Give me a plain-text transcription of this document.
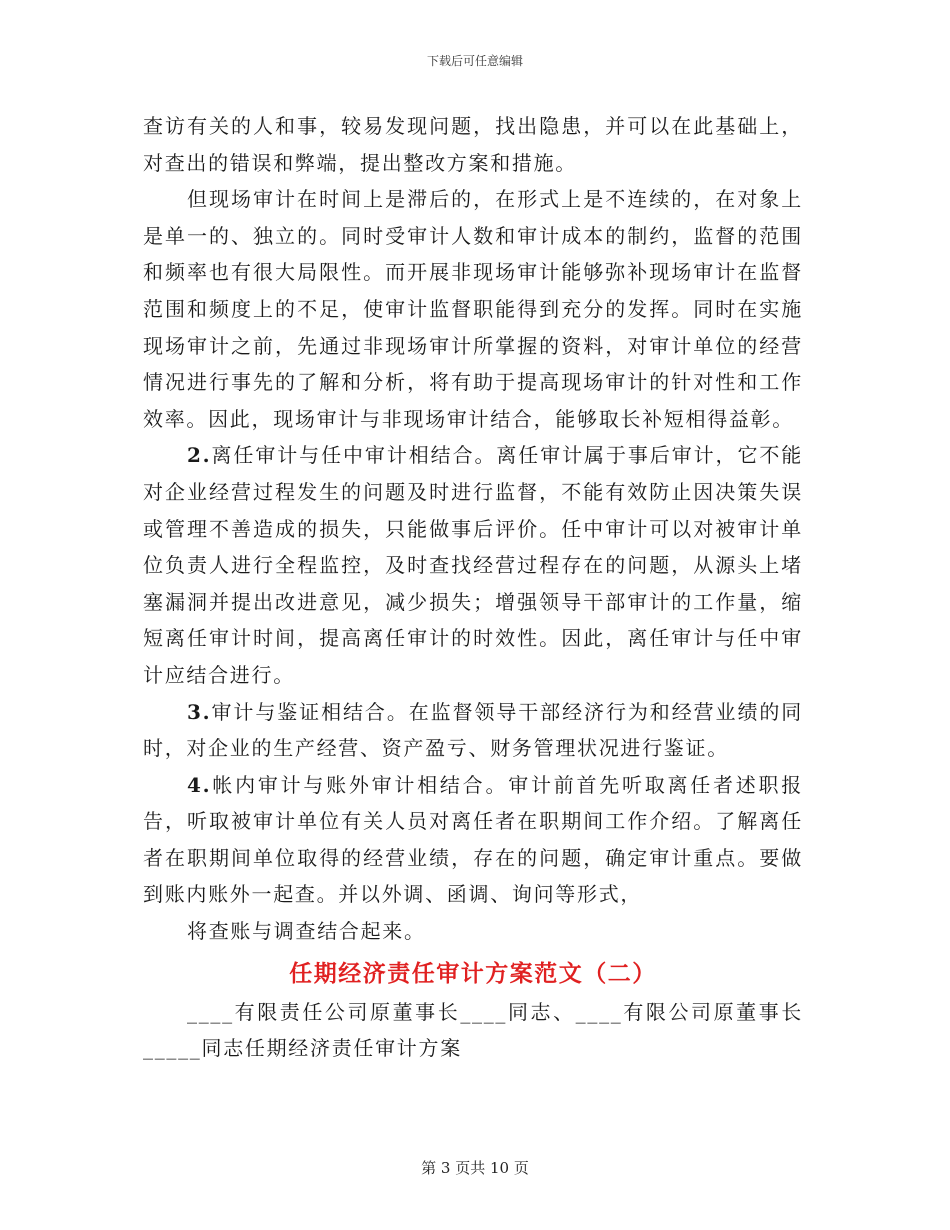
下载后可任意编辑

查访有关的人和事，较易发现问题，找出隐患，并可以在此基础上，对查出的错误和弊端，提出整改方案和措施。

但现场审计在时间上是滞后的，在形式上是不连续的，在对象上是单一的、独立的。同时受审计人数和审计成本的制约，监督的范围和频率也有很大局限性。而开展非现场审计能够弥补现场审计在监督范围和频度上的不足，使审计监督职能得到充分的发挥。同时在实施现场审计之前，先通过非现场审计所掌握的资料，对审计单位的经营情况进行事先的了解和分析，将有助于提高现场审计的针对性和工作效率。因此，现场审计与非现场审计结合，能够取长补短相得益彰。

2.离任审计与任中审计相结合。离任审计属于事后审计，它不能对企业经营过程发生的问题及时进行监督，不能有效防止因决策失误或管理不善造成的损失，只能做事后评价。任中审计可以对被审计单位负责人进行全程监控，及时查找经营过程存在的问题，从源头上堵塞漏洞并提出改进意见，减少损失；增强领导干部审计的工作量，缩短离任审计时间，提高离任审计的时效性。因此，离任审计与任中审计应结合进行。

3.审计与鉴证相结合。在监督领导干部经济行为和经营业绩的同时，对企业的生产经营、资产盈亏、财务管理状况进行鉴证。

4.帐内审计与账外审计相结合。审计前首先听取离任者述职报告，听取被审计单位有关人员对离任者在职期间工作介绍。了解离任者在职期间单位取得的经营业绩，存在的问题，确定审计重点。要做到账内账外一起查。并以外调、函调、询问等形式，

将查账与调查结合起来。

任期经济责任审计方案范文（二）

____有限责任公司原董事长____同志、____有限公司原董事长_____同志任期经济责任审计方案

第 3 页共 10 页
